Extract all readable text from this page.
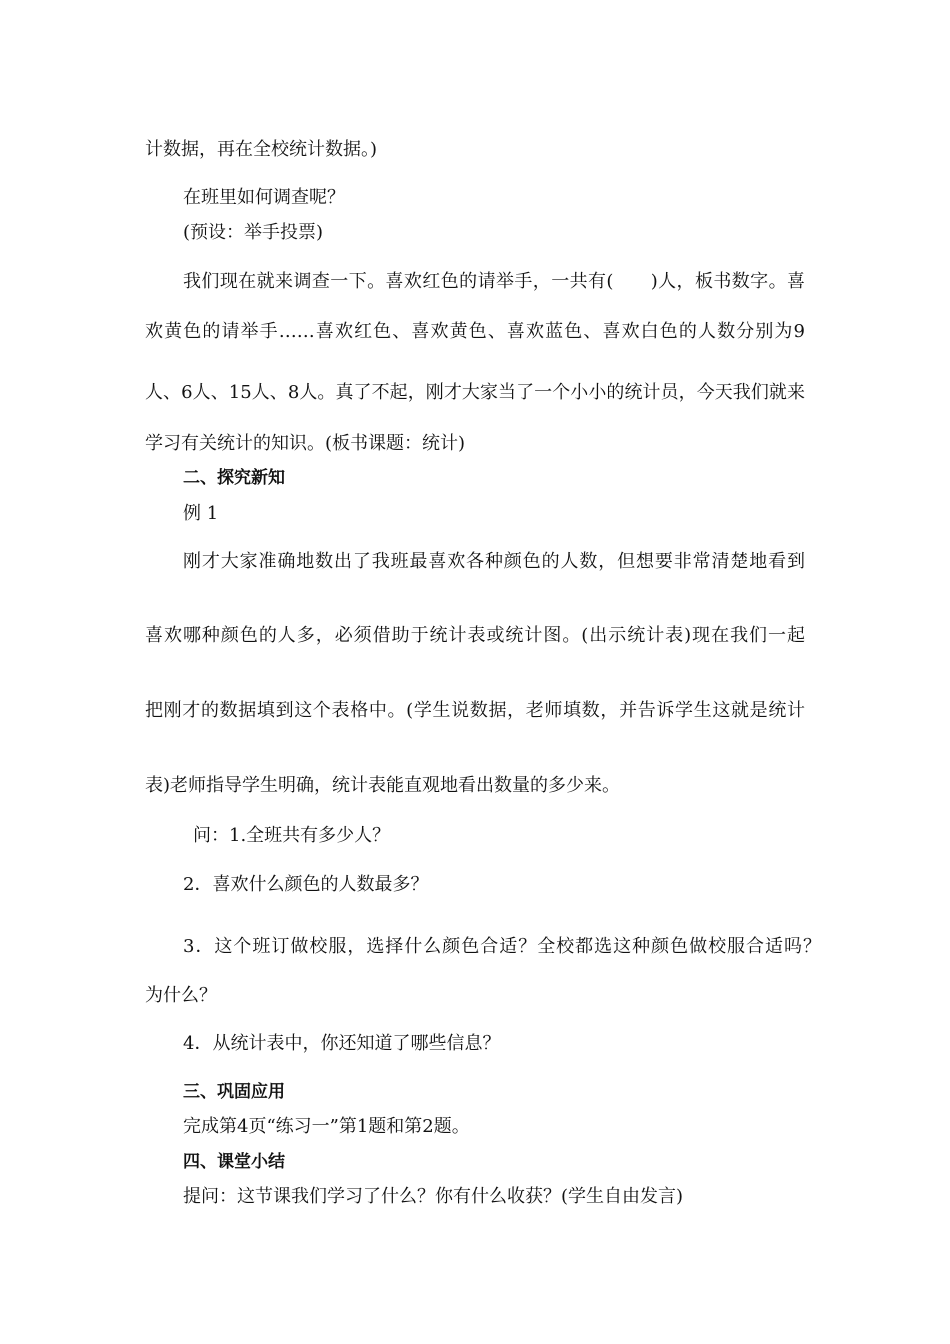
计数据，再在全校统计数据。)
在班里如何调查呢？
(预设：举手投票)
我们现在就来调查一下。喜欢红色的请举手，一共有(　　)人，板书数字。喜
欢黄色的请举手……喜欢红色、喜欢黄色、喜欢蓝色、喜欢白色的人数分别为9
人、6人、15人、8人。真了不起，刚才大家当了一个小小的统计员，今天我们就来
学习有关统计的知识。(板书课题：统计)
二、探究新知
例 1
刚才大家准确地数出了我班最喜欢各种颜色的人数，但想要非常清楚地看到
喜欢哪种颜色的人多，必须借助于统计表或统计图。(出示统计表)现在我们一起
把刚才的数据填到这个表格中。(学生说数据，老师填数，并告诉学生这就是统计
表)老师指导学生明确，统计表能直观地看出数量的多少来。
问：1.全班共有多少人？
2．喜欢什么颜色的人数最多？
3．这个班订做校服，选择什么颜色合适？全校都选这种颜色做校服合适吗？
为什么？
4．从统计表中，你还知道了哪些信息？
三、巩固应用
完成第4页“练习一”第1题和第2题。
四、课堂小结
提问：这节课我们学习了什么？你有什么收获？(学生自由发言)
